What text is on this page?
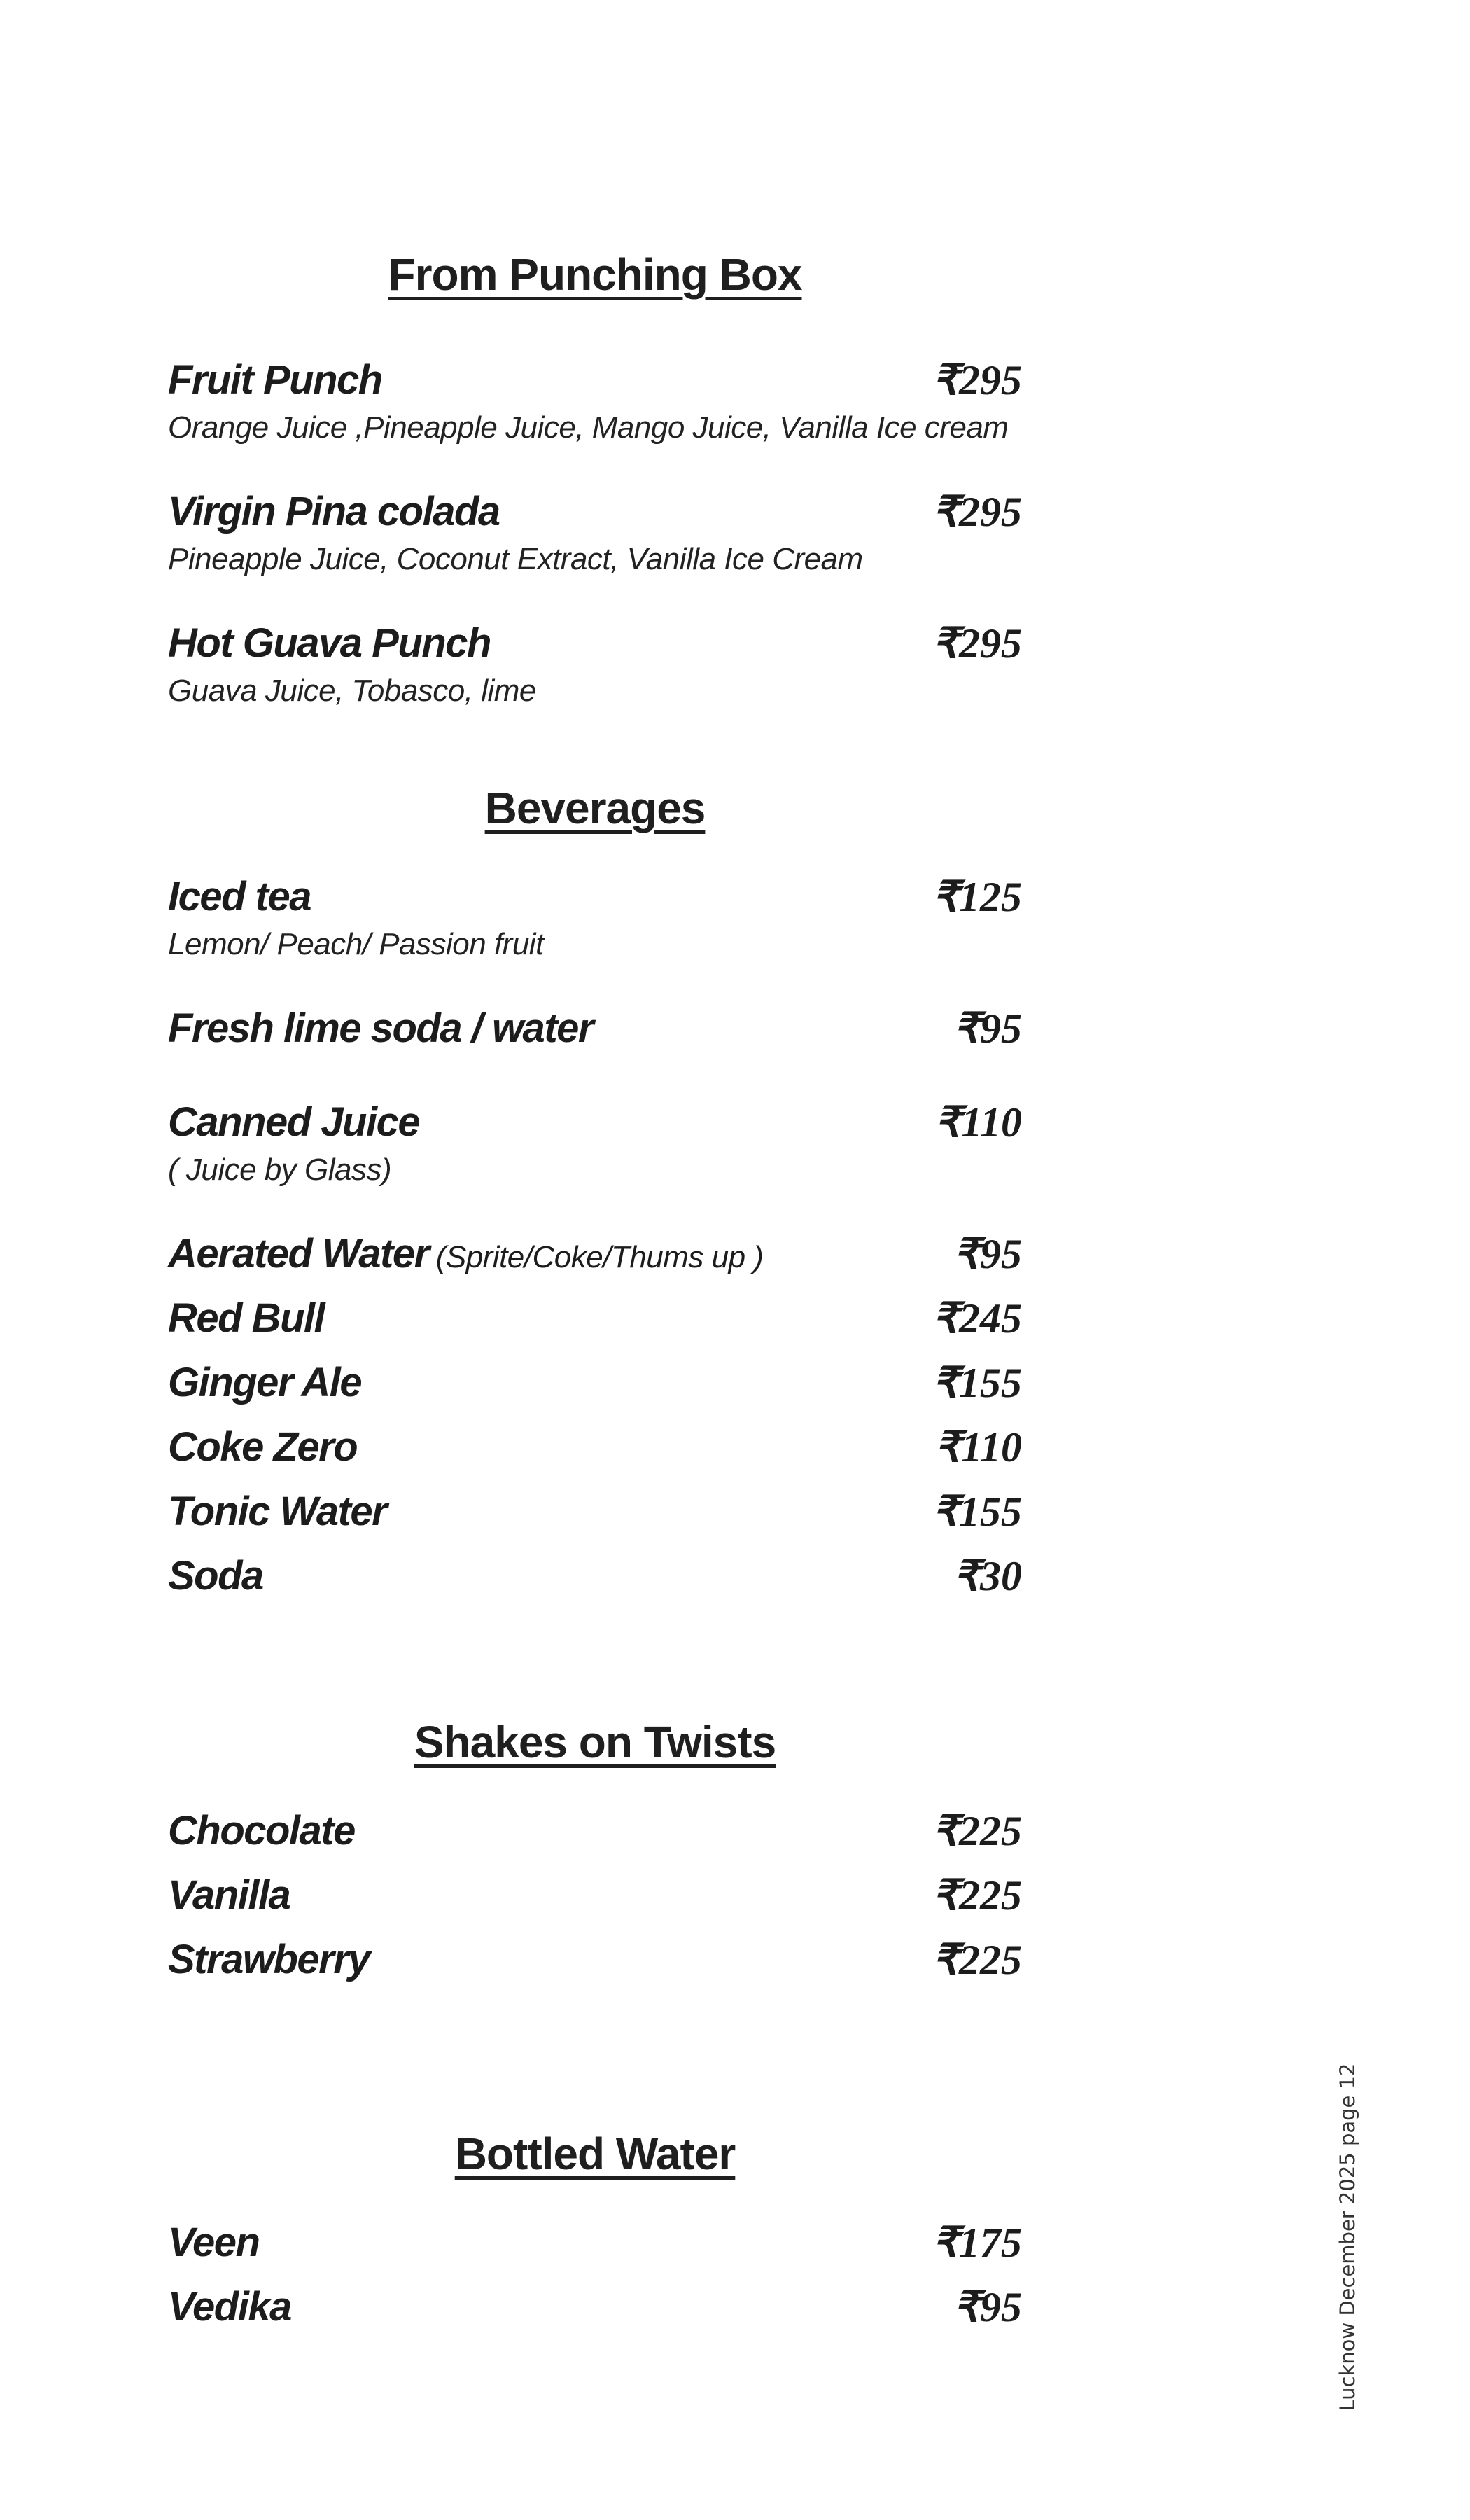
From Punching Box
Fruit Punch	₹295
Orange Juice ,Pineapple Juice, Mango Juice, Vanilla Ice cream
Virgin Pina colada	₹295
Pineapple Juice, Coconut Extract, Vanilla Ice Cream
Hot Guava Punch	₹295
Guava Juice, Tobasco, lime
Beverages
Iced tea	₹125
Lemon/ Peach/ Passion fruit
Fresh lime soda / water	₹95
Canned Juice	₹110
( Juice by Glass)
Aerated Water (Sprite/Coke/Thums up )	₹95
Red Bull	₹245
Ginger Ale	₹155
Coke Zero	₹110
Tonic Water	₹155
Soda	₹30
Shakes on Twists
Chocolate	₹225
Vanilla	₹225
Strawberry	₹225
Bottled Water
Veen	₹175
Vedika	₹95	Lucknow December 2025 page 12
